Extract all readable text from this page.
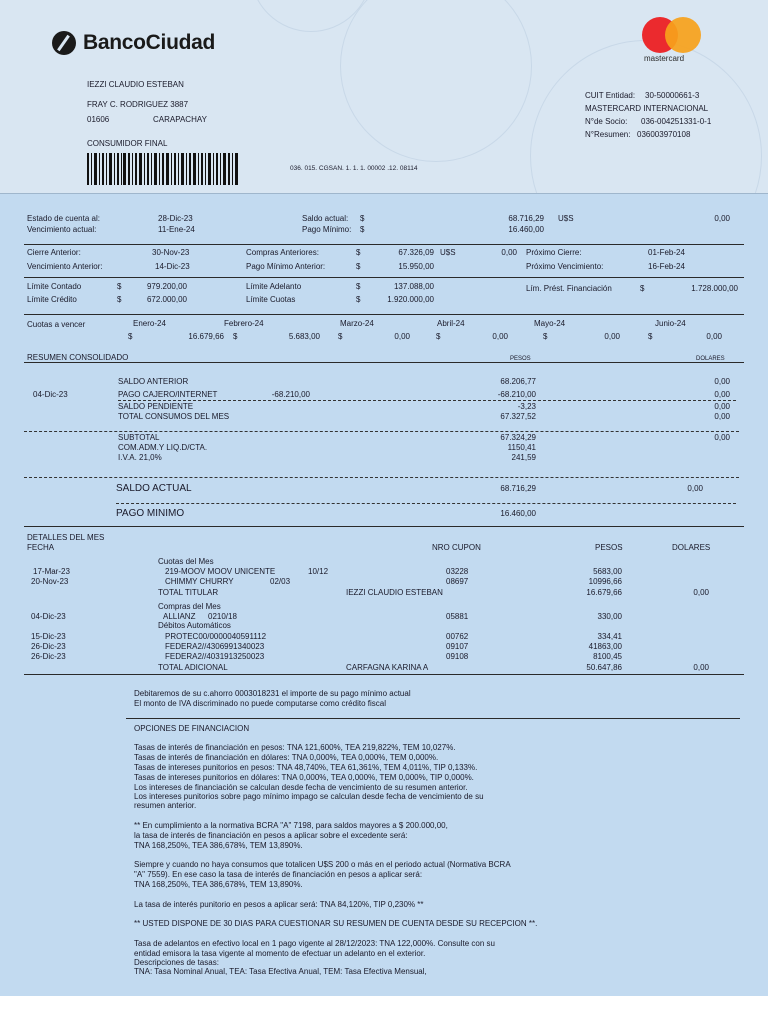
BancoCiudad
mastercard
IEZZI CLAUDIO ESTEBAN
FRAY C. RODRIGUEZ 3887
01606	CARAPACHAY
CONSUMIDOR FINAL
036. 015. CGSAN. 1. 1. 1. 00002 .12. 08114
CUIT Entidad: 30-50000661-3
MASTERCARD INTERNACIONAL
N°de Socio: 036-004251331-0-1
N°Resumen: 036003970108
Estado de cuenta al:	28-Dic-23
Vencimiento actual:	11-Ene-24
Saldo actual: $	68.716,29 U$S	0,00
Pago Mínimo: $	16.460,00
Cierre Anterior:	30-Nov-23
Vencimiento Anterior:	14-Dic-23
Compras Anteriores:	$	67.326,09 U$S	0,00
Pago Mínimo Anterior:	$	15.950,00
Próximo Cierre:	01-Feb-24
Próximo Vencimiento:	16-Feb-24
Límite Contado	$	979.200,00
Límite Crédito	$	672.000,00
Límite Adelanto	$	137.088,00
Límite Cuotas	$	1.920.000,00
Lím. Prést. Financiación	$	1.728.000,00
Cuotas a vencer	Enero-24
$	16.679,66
Febrero-24
$	5.683,00
Marzo-24
$	0,00
Abril-24
$	0,00
Mayo-24
$	0,00
Junio-24
$	0,00
RESUMEN CONSOLIDADO	PESOS	DOLARES
SALDO ANTERIOR	68.206,77	0,00
04-Dic-23	PAGO CAJERO/INTERNET	-68.210,00	-68.210,00	0,00
SALDO PENDIENTE	-3,23	0,00
TOTAL CONSUMOS DEL MES	67.327,52	0,00
SUBTOTAL	67.324,29	0,00
COM.ADM.Y LIQ.D/CTA.	1150,41
I.V.A. 21,0%	241,59
SALDO ACTUAL	68.716,29	0,00
PAGO MINIMO	16.460,00
DETALLES DEL MES
FECHA	NRO CUPON	PESOS	DOLARES
Cuotas del Mes
17-Mar-23	219-MOOV MOOV UNICENTE	10/12	03228	5683,00
20-Nov-23	CHIMMY CHURRY	02/03	08697	10996,66
TOTAL TITULAR	IEZZI CLAUDIO ESTEBAN	16.679,66	0,00
Compras del Mes
04-Dic-23	ALLIANZ 0210/18	05881	330,00
Débitos Automáticos
15-Dic-23	PROTEC00/0000040591112	00762	334,41
26-Dic-23	FEDERA2//4306991340023	09107	41863,00
26-Dic-23	FEDERA2//4031913250023	09108	8100,45
TOTAL ADICIONAL	CARFAGNA KARINA A	50.647,86	0,00
Debitaremos de su c.ahorro 0003018231 el importe de su pago mínimo actual
El monto de IVA discriminado no puede computarse como crédito fiscal
OPCIONES DE FINANCIACION
Tasas de interés de financiación en pesos: TNA 121,600%, TEA 219,822%, TEM 10,027%.
Tasas de interés de financiación en dólares: TNA 0,000%, TEA 0,000%, TEM 0,000%.
Tasas de intereses punitorios en pesos: TNA 48,740%, TEA 61,361%, TEM 4,011%, TIP 0,133%.
Tasas de intereses punitorios en dólares: TNA 0,000%, TEA 0,000%, TEM 0,000%, TIP 0,000%.
Los intereses de financiación se calculan desde fecha de vencimiento de su resumen anterior.
Los intereses punitorios sobre pago mínimo impago se calculan desde fecha de vencimiento de su
resumen anterior.
** En cumplimiento a la normativa BCRA "A" 7198, para saldos mayores a $ 200.000,00,
la tasa de interés de financiación en pesos a aplicar sobre el excedente será:
TNA 168,250%, TEA 386,678%, TEM 13,890%.
Siempre y cuando no haya consumos que totalicen U$S 200 o más en el periodo actual (Normativa BCRA
"A" 7559). En ese caso la tasa de interés de financiación en pesos a aplicar será:
TNA 168,250%, TEA 386,678%, TEM 13,890%.
La tasa de interés punitorio en pesos a aplicar será: TNA 84,120%, TIP 0,230% **
** USTED DISPONE DE 30 DIAS PARA CUESTIONAR SU RESUMEN DE CUENTA DESDE SU RECEPCION **.
Tasa de adelantos en efectivo local en 1 pago vigente al 28/12/2023: TNA 122,000%. Consulte con su
entidad emisora la tasa vigente al momento de efectuar un adelanto en el exterior.
Descripciones de tasas:
TNA: Tasa Nominal Anual, TEA: Tasa Efectiva Anual, TEM: Tasa Efectiva Mensual,
